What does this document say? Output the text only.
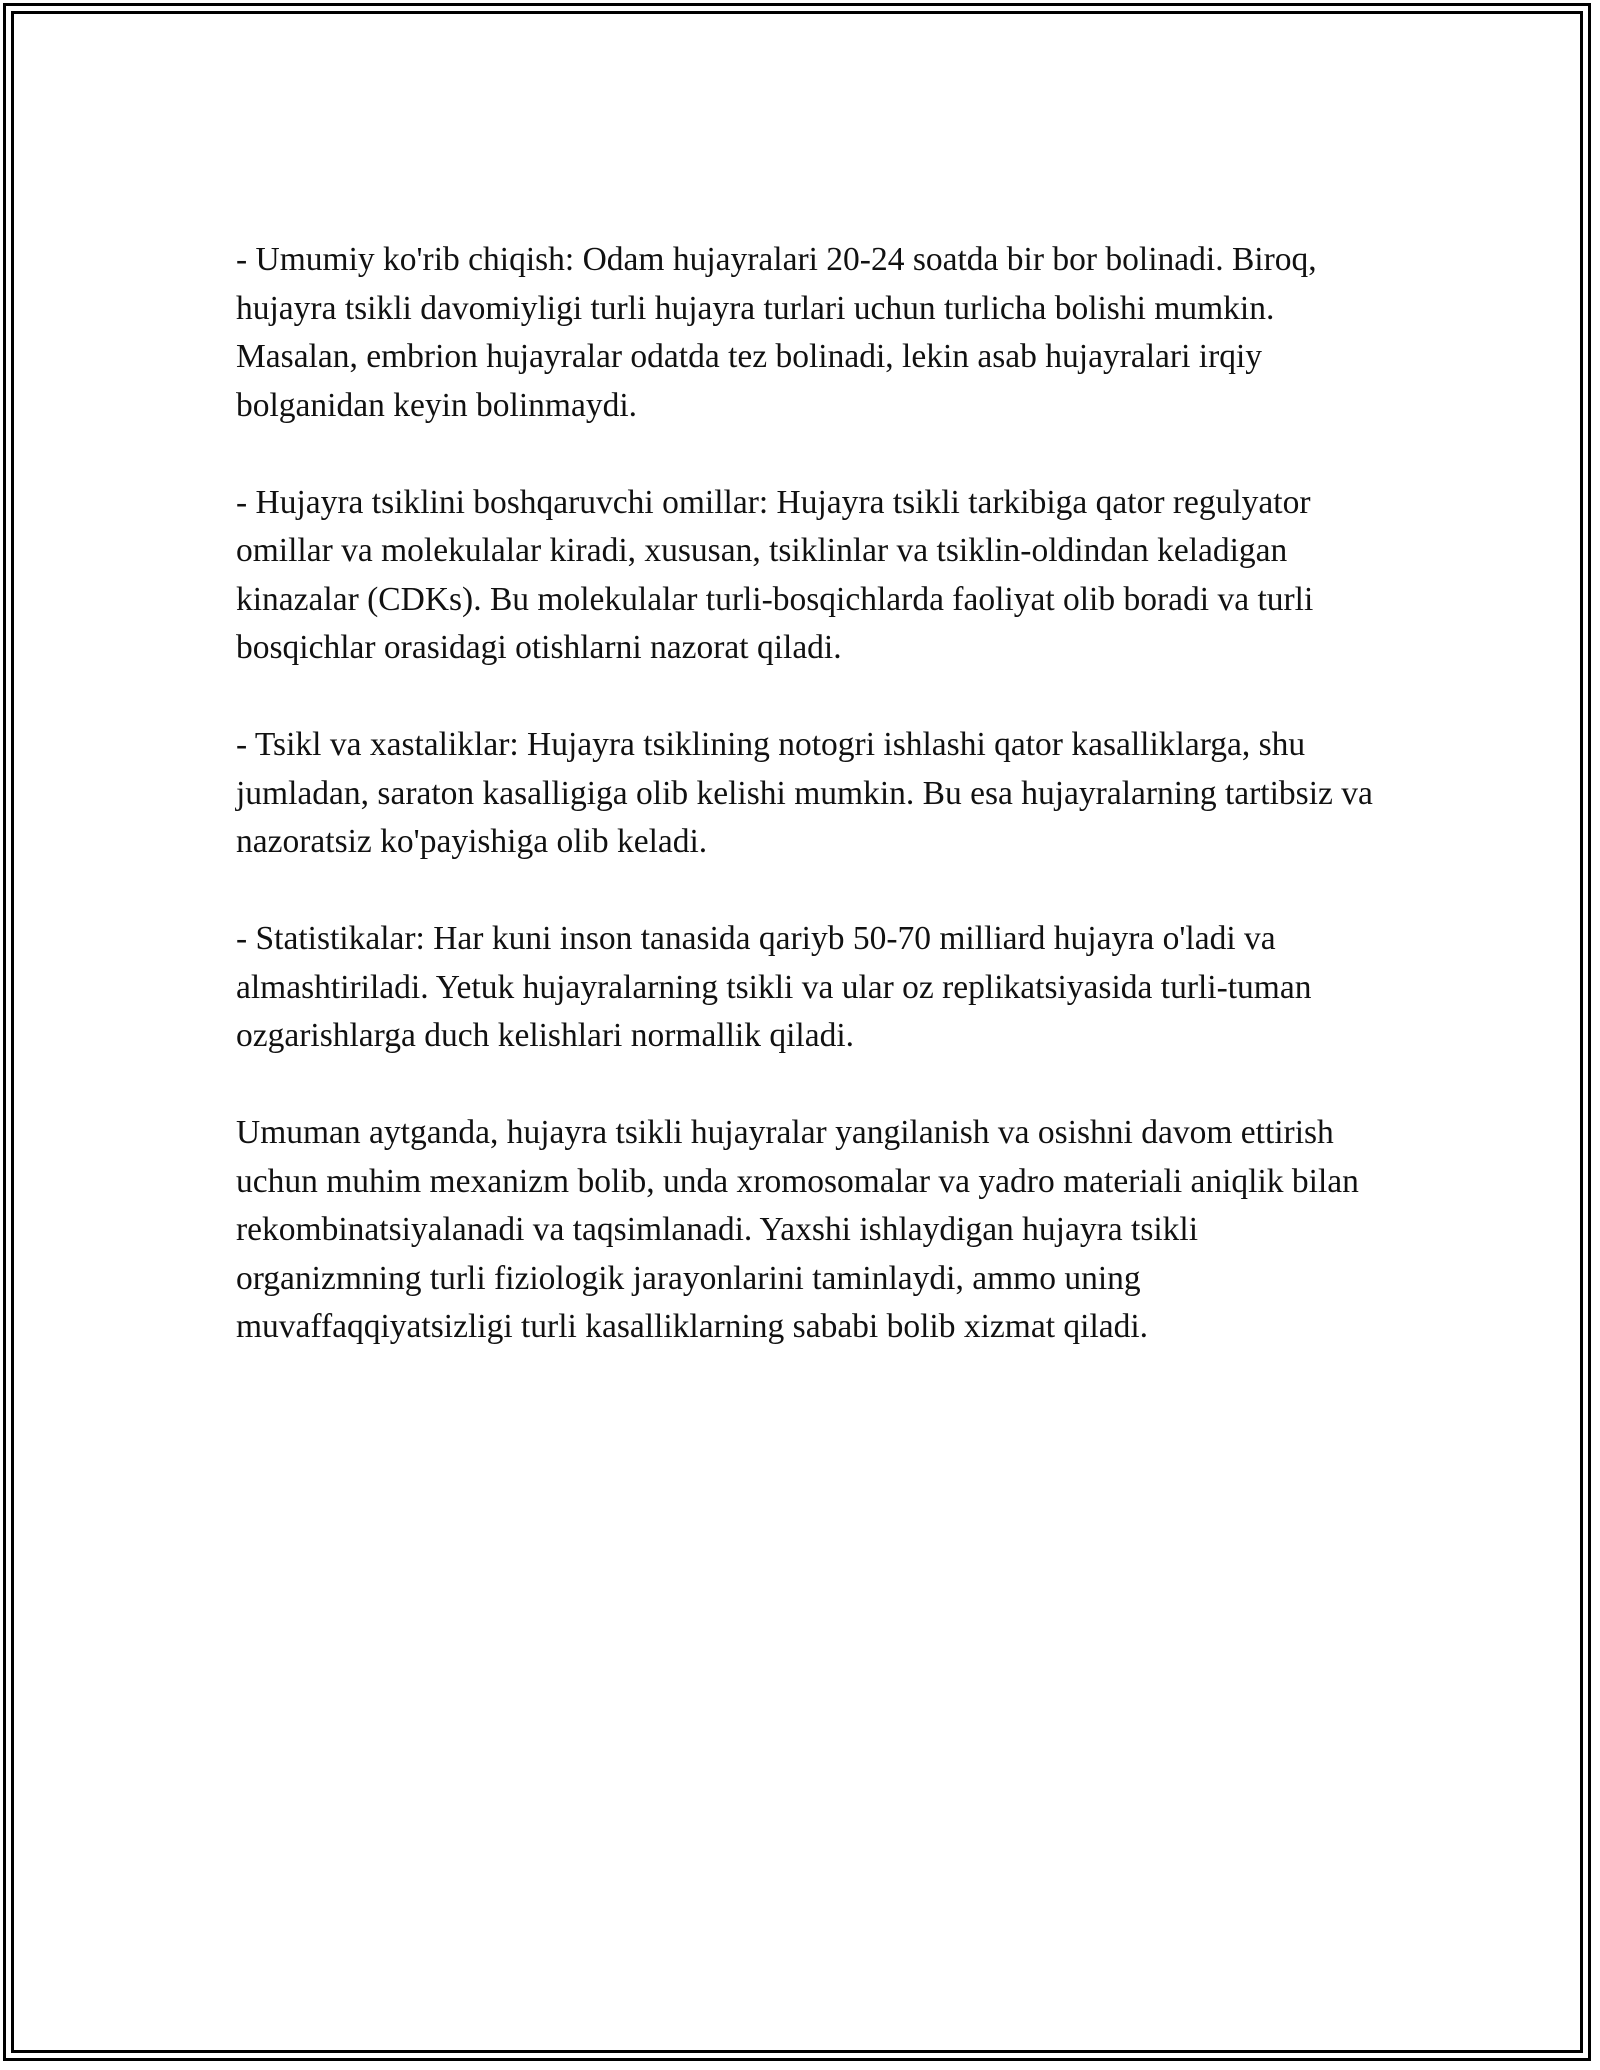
- Umumiy ko'rib chiqish: Odam hujayralari 20-24 soatda bir bor bolinadi. Biroq, hujayra tsikli davomiyligi turli hujayra turlari uchun turlicha bolishi mumkin. Masalan, embrion hujayralar odatda tez bolinadi, lekin asab hujayralari irqiy bolganidan keyin bolinmaydi.

- Hujayra tsiklini boshqaruvchi omillar: Hujayra tsikli tarkibiga qator regulyator omillar va molekulalar kiradi, xususan, tsiklinlar va tsiklin-oldindan keladigan kinazalar (CDKs). Bu molekulalar turli-bosqichlarda faoliyat olib boradi va turli bosqichlar orasidagi otishlarni nazorat qiladi.

- Tsikl va xastaliklar: Hujayra tsiklining notogri ishlashi qator kasalliklarga, shu jumladan, saraton kasalligiga olib kelishi mumkin. Bu esa hujayralarning tartibsiz va nazoratsiz ko'payishiga olib keladi.

- Statistikalar: Har kuni inson tanasida qariyb 50-70 milliard hujayra o'ladi va almashtiriladi. Yetuk hujayralarning tsikli va ular oz replikatsiyasida turli-tuman ozgarishlarga duch kelishlari normallik qiladi.

Umuman aytganda, hujayra tsikli hujayralar yangilanish va osishni davom ettirish uchun muhim mexanizm bolib, unda xromosomalar va yadro materiali aniqlik bilan rekombinatsiyalanadi va taqsimlanadi. Yaxshi ishlaydigan hujayra tsikli organizmning turli fiziologik jarayonlarini taminlaydi, ammo uning muvaffaqqiyatsizligi turli kasalliklarning sababi bolib xizmat qiladi.
